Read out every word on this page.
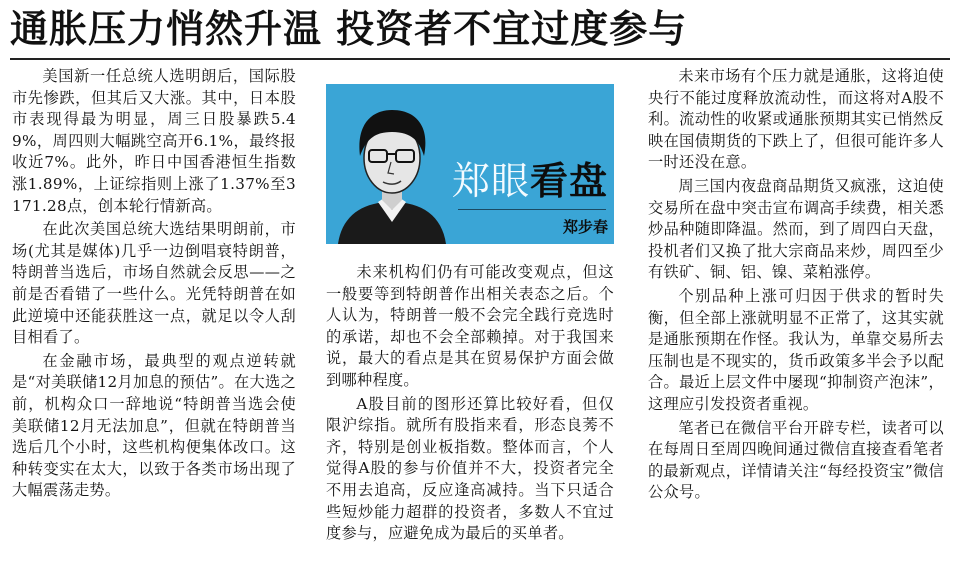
通胀压力悄然升温 投资者不宜过度参与

美国新一任总统人选明朗后，国际股市先惨跌，但其后又大涨。其中，日本股市表现得最为明显，周三日股暴跌5.49%，周四则大幅跳空高开6.1%，最终报收近7%。此外，昨日中国香港恒生指数涨1.89%，上证综指则上涨了1.37%至3171.28点，创本轮行情新高。

在此次美国总统大选结果明朗前，市场(尤其是媒体)几乎一边倒唱衰特朗普，特朗普当选后，市场自然就会反思——之前是否看错了一些什么。光凭特朗普在如此逆境中还能获胜这一点，就足以令人刮目相看了。

在金融市场，最典型的观点逆转就是“对美联储12月加息的预估”。在大选之前，机构众口一辞地说“特朗普当选会使美联储12月无法加息”，但就在特朗普当选后几个小时，这些机构便集体改口。这种转变实在太大，以致于各类市场出现了大幅震荡走势。

郑眼看盘
郑步春

未来机构们仍有可能改变观点，但这一般要等到特朗普作出相关表态之后。个人认为，特朗普一般不会完全践行竞选时的承诺，却也不会全部赖掉。对于我国来说，最大的看点是其在贸易保护方面会做到哪种程度。

A股目前的图形还算比较好看，但仅限沪综指。就所有股指来看，形态良莠不齐，特别是创业板指数。整体而言，个人觉得A股的参与价值并不大，投资者完全不用去追高，反应逢高减持。当下只适合些短炒能力超群的投资者，多数人不宜过度参与，应避免成为最后的买单者。

未来市场有个压力就是通胀，这将迫使央行不能过度释放流动性，而这将对A股不利。流动性的收紧或通胀预期其实已悄然反映在国债期货的下跌上了，但很可能许多人一时还没在意。

周三国内夜盘商品期货又疯涨，这迫使交易所在盘中突击宣布调高手续费，相关悉炒品种随即降温。然而，到了周四白天盘，投机者们又换了批大宗商品来炒，周四至少有铁矿、铜、铝、镍、菜粕涨停。

个别品种上涨可归因于供求的暂时失衡，但全部上涨就明显不正常了，这其实就是通胀预期在作怪。我认为，单靠交易所去压制也是不现实的，货币政策多半会予以配合。最近上层文件中屡现“抑制资产泡沫”，这理应引发投资者重视。

笔者已在微信平台开辟专栏，读者可以在每周日至周四晚间通过微信直接查看笔者的最新观点，详情请关注“每经投资宝”微信公众号。
